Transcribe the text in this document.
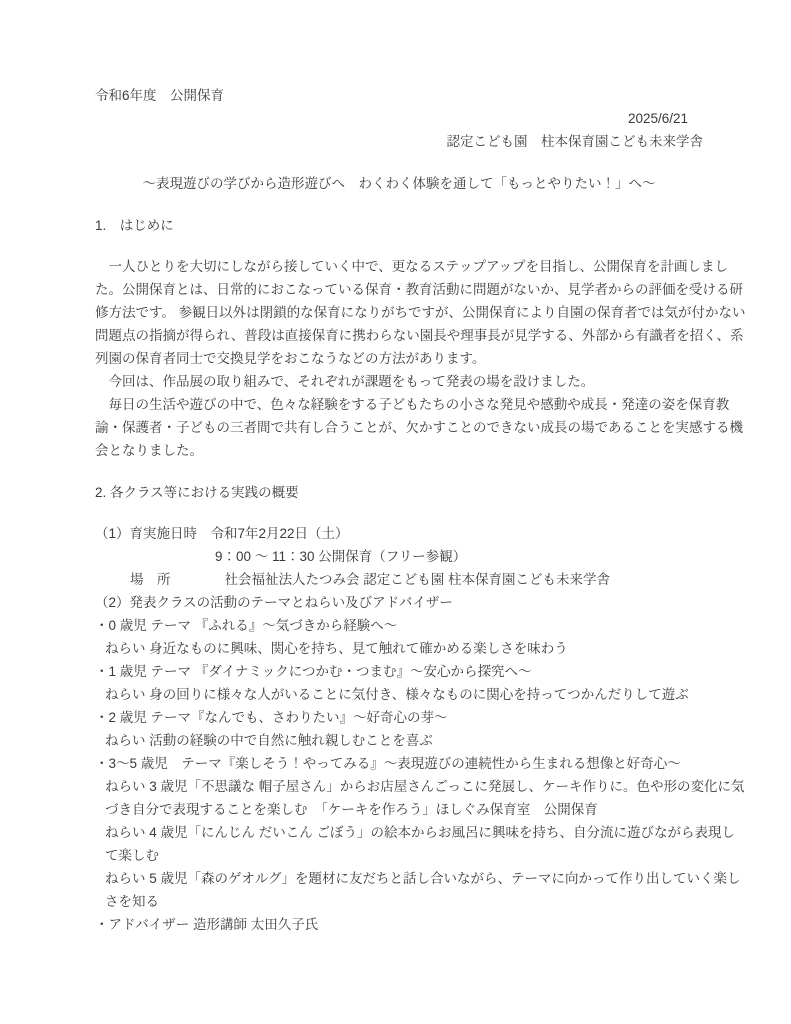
令和6年度　公開保育
2025/6/21
認定こども園　柱本保育園こども未来学舎
～表現遊びの学びから造形遊びへ　わくわく体験を通して「もっとやりたい！」へ～
1.　はじめに
　一人ひとりを大切にしながら接していく中で、更なるステップアップを目指し、公開保育を計画しまし
た。公開保育とは、日常的におこなっている保育・教育活動に問題がないか、見学者からの評価を受ける研
修方法です。 参観日以外は閉鎖的な保育になりがちですが、公開保育により自園の保育者では気が付かない
問題点の指摘が得られ、普段は直接保育に携わらない園長や理事長が見学する、外部から有識者を招く、系
列園の保育者同士で交換見学をおこなうなどの方法があります。
　今回は、作品展の取り組みで、それぞれが課題をもって発表の場を設けました。
　毎日の生活や遊びの中で、色々な経験をする子どもたちの小さな発見や感動や成長・発達の姿を保育教
諭・保護者・子どもの三者間で共有し合うことが、欠かすことのできない成長の場であることを実感する機
会となりました。
2. 各クラス等における実践の概要
（1）育実施日時　令和7年2月22日（土）
9：00 ～ 11：30 公開保育（フリー参観）
場　所　　　　社会福祉法人たつみ会 認定こども園 柱本保育園こども未来学舎
（2）発表クラスの活動のテーマとねらい及びアドバイザー
・0 歳児 テーマ 『ふれる』～気づきから経験へ～
ねらい 身近なものに興味、関心を持ち、見て触れて確かめる楽しさを味わう
・1 歳児 テーマ 『ダイナミックにつかむ・つまむ』～安心から探究へ～
ねらい 身の回りに様々な人がいることに気付き、様々なものに関心を持ってつかんだりして遊ぶ
・2 歳児 テーマ『なんでも、さわりたい』～好奇心の芽～
ねらい 活動の経験の中で自然に触れ親しむことを喜ぶ
・3～5 歳児　テーマ『楽しそう！やってみる』～表現遊びの連続性から生まれる想像と好奇心～
ねらい 3 歳児「不思議な 帽子屋さん」からお店屋さんごっこに発展し、ケーキ作りに。色や形の変化に気
づき自分で表現することを楽しむ　「ケーキを作ろう」ほしぐみ保育室　公開保育
ねらい 4 歳児「にんじん だいこん ごぼう」の絵本からお風呂に興味を持ち、自分流に遊びながら表現し
て楽しむ
ねらい 5 歳児「森のゲオルグ」を題材に友だちと話し合いながら、テーマに向かって作り出していく楽し
さを知る
・アドバイザー 造形講師 太田久子氏
